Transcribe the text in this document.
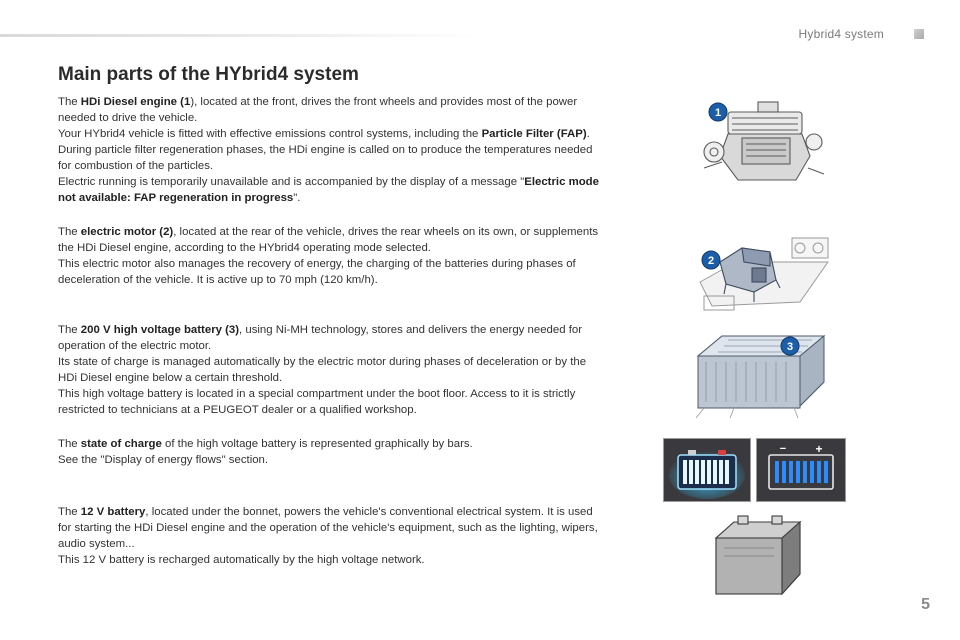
Hybrid4 system
Main parts of the HYbrid4 system

The HDi Diesel engine (1), located at the front, drives the front wheels and provides most of the power needed to drive the vehicle.
Your HYbrid4 vehicle is fitted with effective emissions control systems, including the Particle Filter (FAP).
During particle filter regeneration phases, the HDi engine is called on to produce the temperatures needed for combustion of the particles.
Electric running is temporarily unavailable and is accompanied by the display of a message "Electric mode not available: FAP regeneration in progress".

The electric motor (2), located at the rear of the vehicle, drives the rear wheels on its own, or supplements the HDi Diesel engine, according to the HYbrid4 operating mode selected.
This electric motor also manages the recovery of energy, the charging of the batteries during phases of deceleration of the vehicle. It is active up to 70 mph (120 km/h).

The 200 V high voltage battery (3), using Ni-MH technology, stores and delivers the energy needed for operation of the electric motor.
Its state of charge is managed automatically by the electric motor during phases of deceleration or by the HDi Diesel engine below a certain threshold.
This high voltage battery is located in a special compartment under the boot floor. Access to it is strictly restricted to technicians at a PEUGEOT dealer or a qualified workshop.

The state of charge of the high voltage battery is represented graphically by bars.
See the "Display of energy flows" section.

The 12 V battery, located under the bonnet, powers the vehicle's conventional electrical system. It is used for starting the HDi Diesel engine and the operation of the vehicle's equipment, such as the lighting, wipers, audio system...
This 12 V battery is recharged automatically by the high voltage network.

1
2
3
− +
5
